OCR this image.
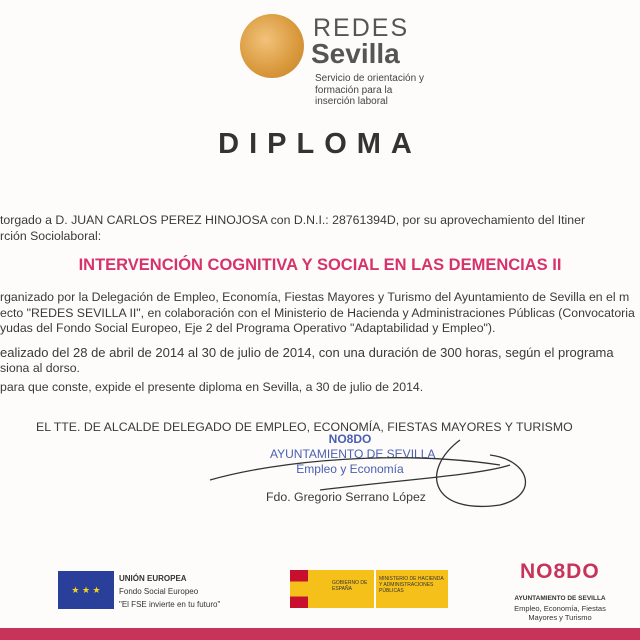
REDES
Sevilla
Servicio de orientación y formación para la inserción laboral
DIPLOMA
torgado a D. JUAN CARLOS PEREZ HINOJOSA con D.N.I.: 28761394D, por su aprovechamiento del Itiner
rción Sociolaboral:
INTERVENCIÓN COGNITIVA Y SOCIAL EN LAS DEMENCIAS II
rganizado por la Delegación de Empleo, Economía, Fiestas Mayores y Turismo del Ayuntamiento de Sevilla en el m
ecto "REDES SEVILLA II", en colaboración con el Ministerio de Hacienda y Administraciones Públicas (Convocatoria
yudas del Fondo Social Europeo, Eje 2 del Programa Operativo "Adaptabilidad y Empleo").
ealizado del 28 de abril de 2014 al 30 de julio de 2014, con una duración de 300 horas, según el programa
siona al dorso.
para que conste, expide el presente diploma en Sevilla, a 30 de julio de 2014.
EL TTE. DE ALCALDE DELEGADO DE EMPLEO, ECONOMÍA, FIESTAS MAYORES Y TURISMO
NO8DO
AYUNTAMIENTO DE SEVILLA
Empleo y Economía
Fdo. Gregorio Serrano López
★ ★ ★
UNIÓN EUROPEA
Fondo Social Europeo
"El FSE invierte en tu futuro"
GOBIERNO DE ESPAÑA
MINISTERIO DE HACIENDA Y ADMINISTRACIONES PÚBLICAS
NO8DO
AYUNTAMIENTO DE SEVILLA
Empleo, Economía, Fiestas Mayores y Turismo
